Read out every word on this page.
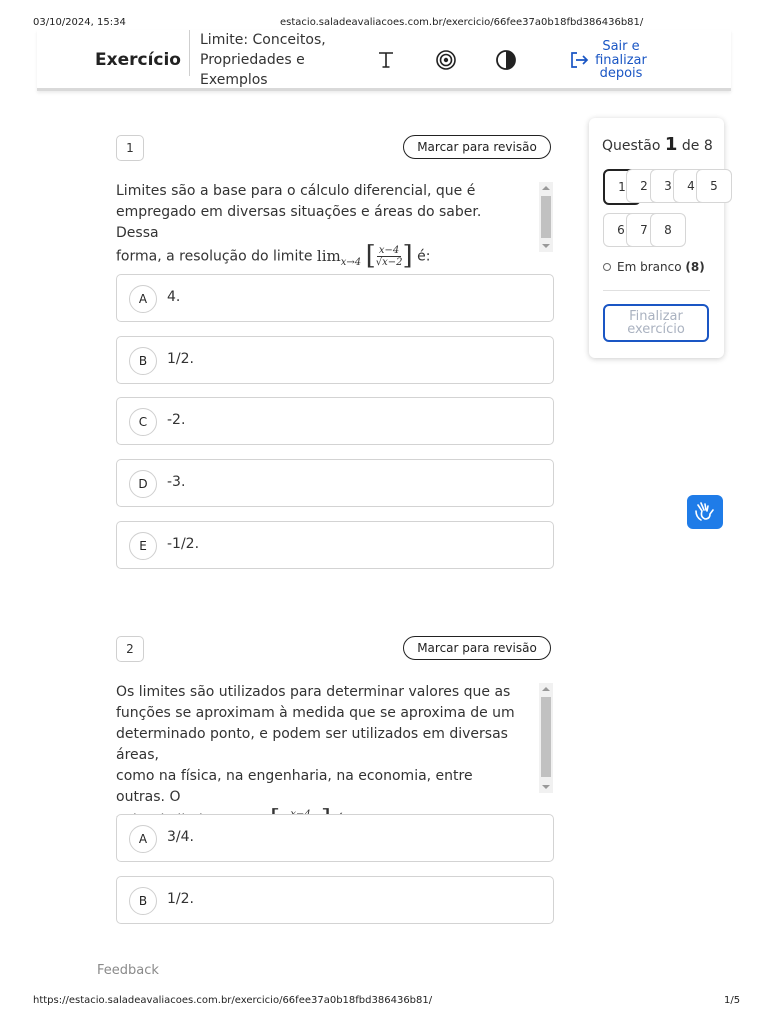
03/10/2024, 15:34	estacio.saladeavaliacoes.com.br/exercicio/66fee37a0b18fbd386436b81/
Exercício
Limite: Conceitos,
Propriedades e
Exemplos
Sair e
finalizar
depois
1	Marcar para revisão
Limites são a base para o cálculo diferencial, que é
empregado em diversas situações e áreas do saber. Dessa
forma, a resolução do limite $\lim_{x\to 4}$ [ $\frac{x-4}{√x-2}$ ] é:
A	4.
B	1/2.
C	-2.
D	-3.
E	-1/2.
2	Marcar para revisão
Os limites são utilizados para determinar valores que as
funções se aproximam à medida que se aproxima de um
determinado ponto, e podem ser utilizados em diversas áreas,
como na física, na engenharia, na economia, entre outras. O
A	3/4.
B	1/2.
Questão 1 de 8
1	2	3	4	5
6	7	8
Em branco
(8)
Finalizar
exercício
Feedback
https://estacio.saladeavaliacoes.com.br/exercicio/66fee37a0b18fbd386436b81/	1/5
